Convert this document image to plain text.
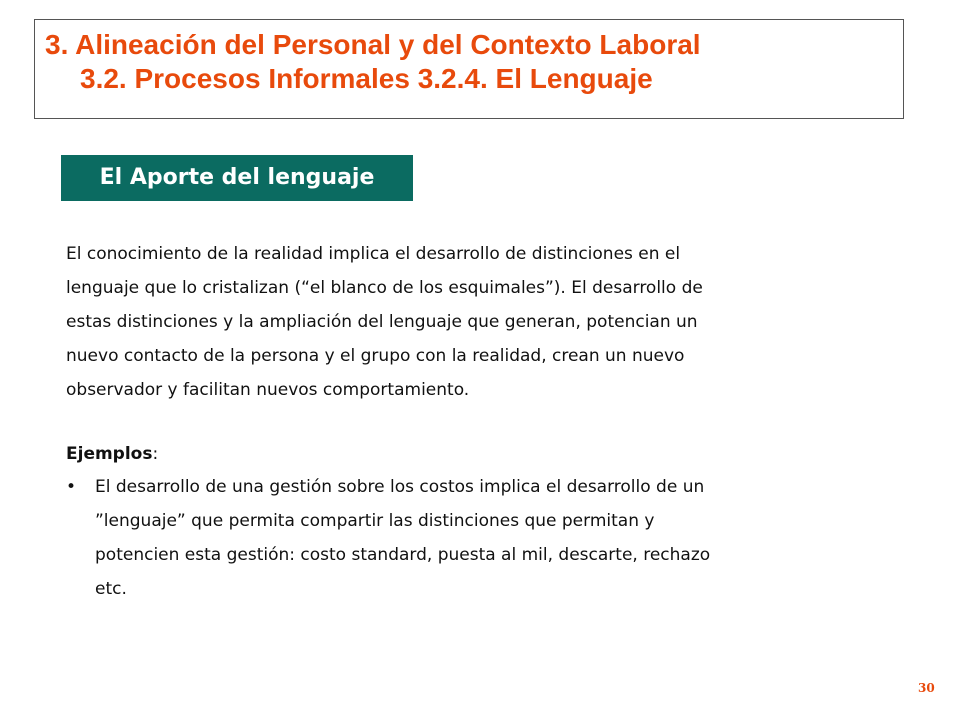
3. Alineación del Personal y del Contexto Laboral
3.2. Procesos Informales 3.2.4. El Lenguaje
El Aporte del lenguaje
El conocimiento de la realidad implica el desarrollo de distinciones en el
lenguaje que lo cristalizan (“el blanco de los esquimales”). El desarrollo de
estas distinciones y la ampliación del lenguaje que generan, potencian un
nuevo contacto de la persona y el grupo con la realidad, crean un nuevo
observador y facilitan nuevos comportamiento.
Ejemplos:
• El desarrollo de una gestión sobre los costos implica el desarrollo de un
”lenguaje” que permita compartir las distinciones que permitan y
potencien esta gestión: costo standard, puesta al mil, descarte, rechazo
etc.
30
